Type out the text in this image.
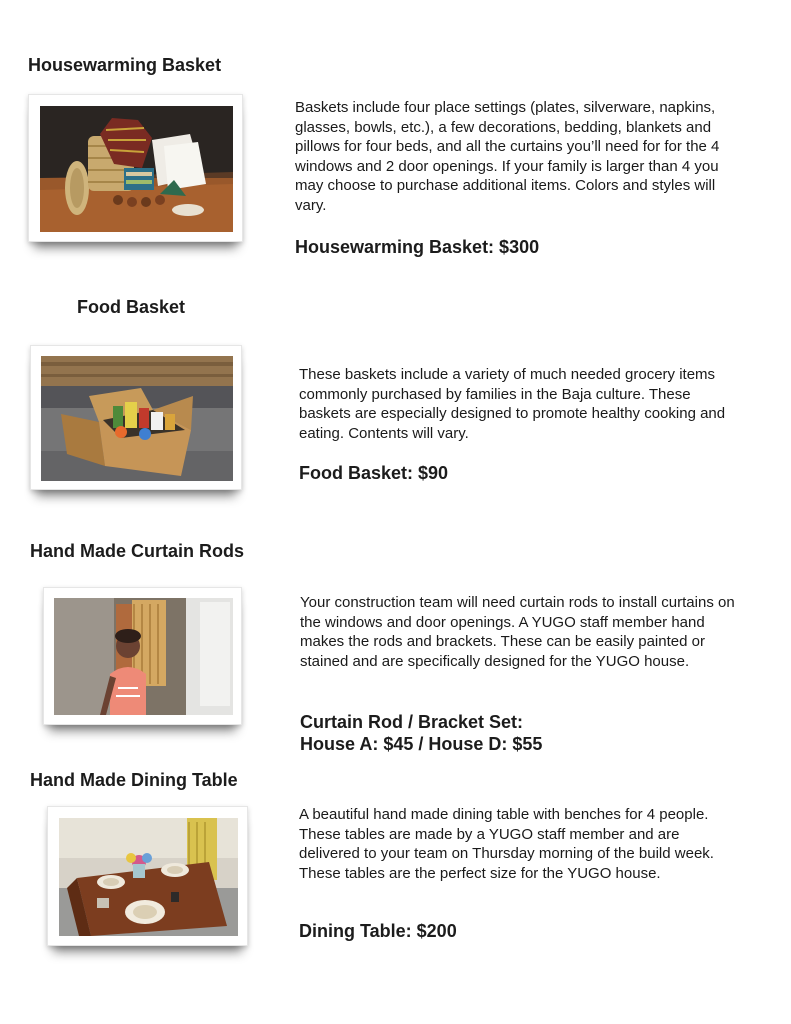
Housewarming Basket
Baskets include four place settings (plates, silverware, napkins, glasses, bowls, etc.), a few decorations, bedding, blankets and pillows for four beds, and all the curtains you’ll need for for the 4 windows and 2 door openings. If your family is larger than 4 you may choose to purchase additional items. Colors and styles will vary.
Housewarming Basket: $300
Food Basket
These baskets include a variety of much needed grocery items commonly purchased by families in the Baja culture. These baskets are especially designed to promote healthy cooking and eating. Contents will vary.
Food Basket: $90
Hand Made Curtain Rods
Your construction team will need curtain rods to install curtains on the windows and door openings. A YUGO staff member hand makes the rods and brackets. These can be easily painted or stained and are specifically designed for the YUGO house.
Curtain Rod / Bracket Set:
House A: $45 / House D: $55
Hand Made Dining Table
A beautiful hand made dining table with benches for 4 people. These tables are made by a YUGO staff member and are delivered to your team on Thursday morning of the build week. These tables are the perfect size for the YUGO house.
Dining Table: $200
